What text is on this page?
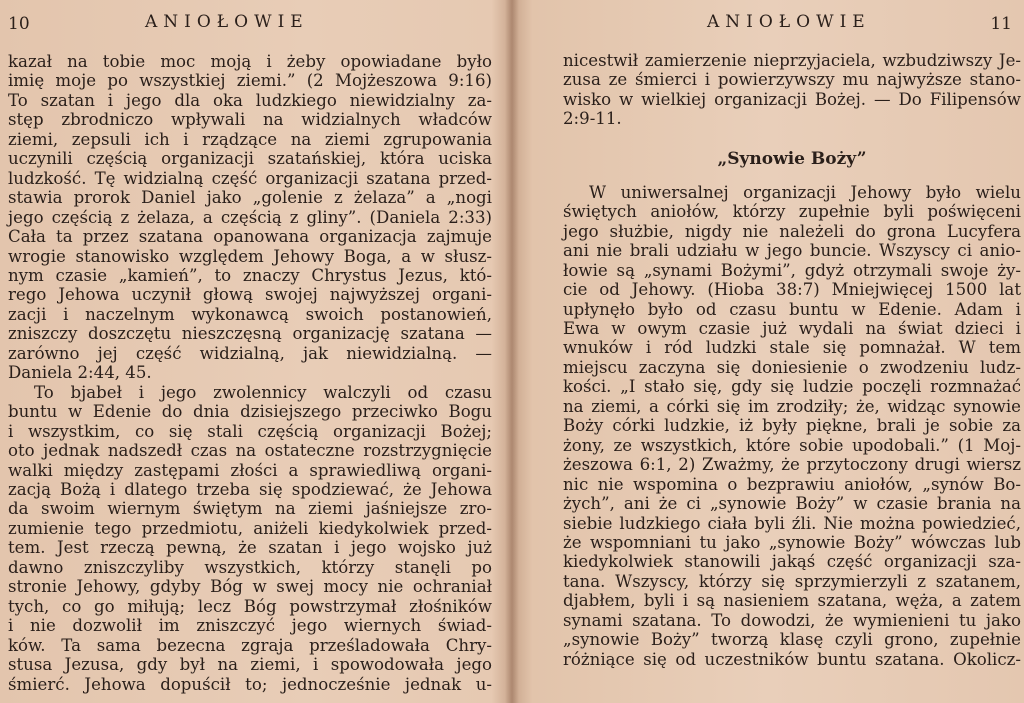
10	ANIOŁOWIE
kazał na tobie moc moją i żeby opowiadane było
imię moje po wszystkiej ziemi.” (2 Mojżeszowa 9:16)
To szatan i jego dla oka ludzkiego niewidzialny za‑
stęp zbrodniczo wpływali na widzialnych władców
ziemi, zepsuli ich i rządzące na ziemi zgrupowania
uczynili częścią organizacji szatańskiej, która uciska
ludzkość. Tę widzialną część organizacji szatana przed‑
stawia prorok Daniel jako „golenie z żelaza” a „nogi
jego częścią z żelaza, a częścią z gliny”. (Daniela 2:33)
Cała ta przez szatana opanowana organizacja zajmuje
wrogie stanowisko względem Jehowy Boga, a w słusz‑
nym czasie „kamień”, to znaczy Chrystus Jezus, któ‑
rego Jehowa uczynił głową swojej najwyższej organi‑
zacji i naczelnym wykonawcą swoich postanowień,
zniszczy doszczętu nieszczęsną organizację szatana —
zarówno jej część widzialną, jak niewidzialną. —
Daniela 2:44, 45.
To bjabeł i jego zwolennicy walczyli od czasu
buntu w Edenie do dnia dzisiejszego przeciwko Bogu
i wszystkim, co się stali częścią organizacji Bożej;
oto jednak nadszedł czas na ostateczne rozstrzygnięcie
walki między zastępami złości a sprawiedliwą organi‑
zacją Bożą i dlatego trzeba się spodziewać, że Jehowa
da swoim wiernym świętym na ziemi jaśniejsze zro‑
zumienie tego przedmiotu, aniżeli kiedykolwiek przed‑
tem. Jest rzeczą pewną, że szatan i jego wojsko już
dawno zniszczyliby wszystkich, którzy stanęli po
stronie Jehowy, gdyby Bóg w swej mocy nie ochraniał
tych, co go miłują; lecz Bóg powstrzymał złośników
i nie dozwolił im zniszczyć jego wiernych świad‑
ków. Ta sama bezecna zgraja prześladowała Chry‑
stusa Jezusa, gdy był na ziemi, i spowodowała jego
śmierć. Jehowa dopuścił to; jednocześnie jednak u‑
11
ANIOŁOWIE
nicestwił zamierzenie nieprzyjaciela, wzbudziwszy Je‑
zusa ze śmierci i powierzywszy mu najwyższe stano‑
wisko w wielkiej organizacji Bożej. — Do Filipensów
2:9‑11.
„Synowie Boży”
W uniwersalnej organizacji Jehowy było wielu
świętych aniołów, którzy zupełnie byli poświęceni
jego służbie, nigdy nie należeli do grona Lucyfera
ani nie brali udziału w jego buncie. Wszyscy ci anio‑
łowie są „synami Bożymi”, gdyż otrzymali swoje ży‑
cie od Jehowy. (Hioba 38:7) Mniejwięcej 1500 lat
upłynęło było od czasu buntu w Edenie. Adam i
Ewa w owym czasie już wydali na świat dzieci i
wnuków i ród ludzki stale się pomnażał. W tem
miejscu zaczyna się doniesienie o zwodzeniu ludz‑
kości. „I stało się, gdy się ludzie poczęli rozmnażać
na ziemi, a córki się im zrodziły; że, widząc synowie
Boży córki ludzkie, iż były piękne, brali je sobie za
żony, ze wszystkich, które sobie upodobali.” (1 Moj‑
żeszowa 6:1, 2) Zważmy, że przytoczony drugi wiersz
nic nie wspomina o bezprawiu aniołów, „synów Bo‑
żych”, ani że ci „synowie Boży” w czasie brania na
siebie ludzkiego ciała byli źli. Nie można powiedzieć,
że wspomniani tu jako „synowie Boży” wówczas lub
kiedykolwiek stanowili jakąś część organizacji sza‑
tana. Wszyscy, którzy się sprzymierzyli z szatanem,
djabłem, byli i są nasieniem szatana, węża, a zatem
synami szatana. To dowodzi, że wymienieni tu jako
„synowie Boży” tworzą klasę czyli grono, zupełnie
różniące się od uczestników buntu szatana. Okolicz‑
